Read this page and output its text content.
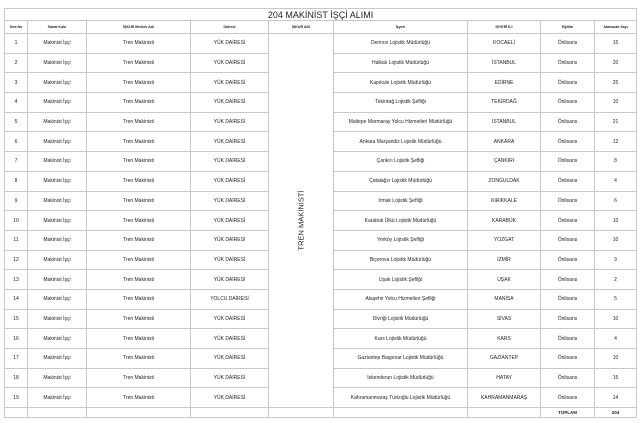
204 MAKİNİST İŞÇİ ALIMI								
Sıra No	Sanat Kolu	İŞKUR Meslek Adı	Dairesi	İŞKUR ADI	İşyeri	İŞYERİ İLİ	Eğitim	Atanacak Sayı
1	Makinist İşçi	Tren Makinisti	YÜK DAİRESİ	TREN MAKİNİSTİ	Derince Lojistik Müdürlüğü	KOCAELİ	Önlisans	15
2	Makinist İşçi	Tren Makinisti	YÜK DAİRESİ		Halkalı Lojistik Müdürlüğü	İSTANBUL	Önlisans	20
3	Makinist İşçi	Tren Makinisti	YÜK DAİRESİ		Kapıkule Lojistik Müdürlüğü	EDİRNE	Önlisans	25
4	Makinist İşçi	Tren Makinisti	YÜK DAİRESİ		Tekirdağ Lojistik Şefliği	TEKİRDAĞ	Önlisans	10
5	Makinist İşçi	Tren Makinisti	YÜK DAİRESİ		Maltepe Marmaray Yolcu Hizmetleri Müdürlüğü	İSTANBUL	Önlisans	21
6	Makinist İşçi	Tren Makinisti	YÜK DAİRESİ		Ankara Marşandiz Lojistik Müdürlüğü	ANKARA	Önlisans	12
7	Makinist İşçi	Tren Makinisti	YÜK DAİRESİ		Çankırı Lojistik Şefliği	ÇANKIRI	Önlisans	8
8	Makinist İşçi	Tren Makinisti	YÜK DAİRESİ		Çatalağzı Lojistik Müdürlüğü	ZONGULDAK	Önlisans	4
9	Makinist İşçi	Tren Makinisti	YÜK DAİRESİ		Irmak Lojistik Şefliği	KIRIKKALE	Önlisans	6
10	Makinist İşçi	Tren Makinisti	YÜK DAİRESİ		Karabük Ülkü Lojistik Müdürlüğü	KARABÜK	Önlisans	10
11	Makinist İşçi	Tren Makinisti	YÜK DAİRESİ		Yerköy Lojistik Şefliği	YOZGAT	Önlisans	10
12	Makinist İşçi	Tren Makinisti	YÜK DAİRESİ		Biçerova Lojistik Müdürlüğü	İZMİR	Önlisans	3
13	Makinist İşçi	Tren Makinisti	YÜK DAİRESİ		Uşak Lojistik Şefliği	UŞAK	Önlisans	2
14	Makinist İşçi	Tren Makinisti	YOLCU DAİRESİ		Alaşehir Yolcu Hizmetleri Şefliği	MANİSA	Önlisans	5
15	Makinist İşçi	Tren Makinisti	YÜK DAİRESİ		Divriği Lojistik Müdürlüğü	SİVAS	Önlisans	10
16	Makinist İşçi	Tren Makinisti	YÜK DAİRESİ		Kars Lojistik Müdürlüğü	KARS	Önlisans	4
17	Makinist İşçi	Tren Makinisti	YÜK DAİRESİ		Gaziantep Başpınar Lojistik Müdürlüğü	GAZİANTEP	Önlisans	10
18	Makinist İşçi	Tren Makinisti	YÜK DAİRESİ		İskenderun Lojistik Müdürlüğü	HATAY	Önlisans	15
19	Makinist İşçi	Tren Makinisti	YÜK DAİRESİ		Kahramanmaraş Türkoğlu Lojistik Müdürlüğü	KAHRAMANMARAŞ	Önlisans	14
							TOPLAM	204
